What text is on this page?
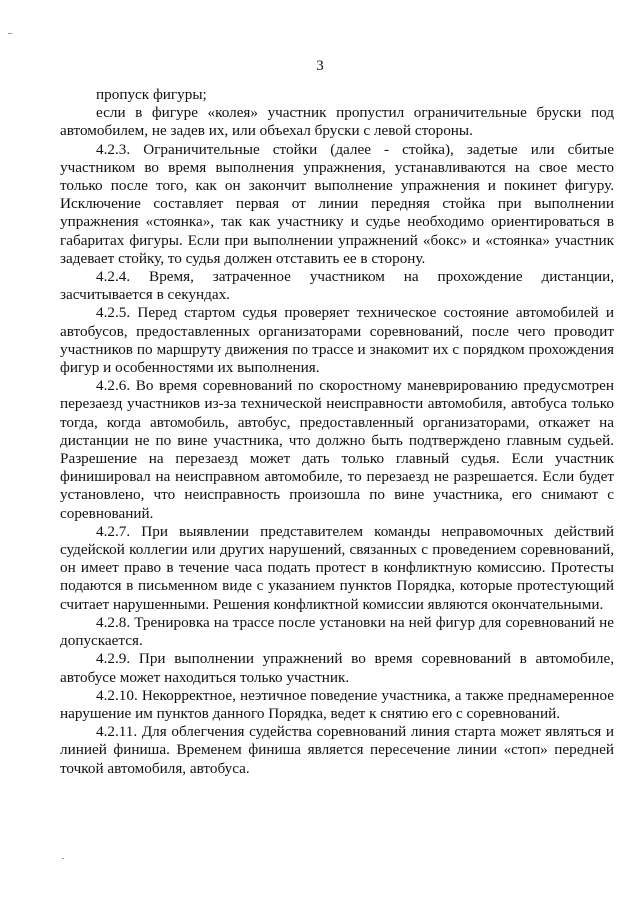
3

пропуск фигуры;

если в фигуре «колея» участник пропустил ограничительные бруски под автомобилем, не задев их, или объехал бруски с левой стороны.

4.2.3. Ограничительные стойки (далее - стойка), задетые или сбитые участником во время выполнения упражнения, устанавливаются на свое место только после того, как он закончит выполнение упражнения и покинет фигуру. Исключение составляет первая от линии передняя стойка при выполнении упражнения «стоянка», так как участнику и судье необходимо ориентироваться в габаритах фигуры. Если при выполнении упражнений «бокс» и «стоянка» участник задевает стойку, то судья должен отставить ее в сторону.

4.2.4. Время, затраченное участником на прохождение дистанции, засчитывается в секундах.

4.2.5. Перед стартом судья проверяет техническое состояние автомобилей и автобусов, предоставленных организаторами соревнований, после чего проводит участников по маршруту движения по трассе и знакомит их с порядком прохождения фигур и особенностями их выполнения.

4.2.6. Во время соревнований по скоростному маневрированию предусмотрен перезаезд участников из-за технической неисправности автомобиля, автобуса только тогда, когда автомобиль, автобус, предоставленный организаторами, откажет на дистанции не по вине участника, что должно быть подтверждено главным судьей. Разрешение на перезаезд может дать только главный судья. Если участник финишировал на неисправном автомобиле, то перезаезд не разрешается. Если будет установлено, что неисправность произошла по вине участника, его снимают с соревнований.

4.2.7. При выявлении представителем команды неправомочных действий судейской коллегии или других нарушений, связанных с проведением соревнований, он имеет право в течение часа подать протест в конфликтную комиссию. Протесты подаются в письменном виде с указанием пунктов Порядка, которые протестующий считает нарушенными. Решения конфликтной комиссии являются окончательными.

4.2.8. Тренировка на трассе после установки на ней фигур для соревнований не допускается.

4.2.9. При выполнении упражнений во время соревнований в автомобиле, автобусе может находиться только участник.

4.2.10. Некорректное, неэтичное поведение участника, а также преднамеренное нарушение им пунктов данного Порядка, ведет к снятию его с соревнований.

4.2.11. Для облегчения судейства соревнований линия старта может являться и линией финиша. Временем финиша является пересечение линии «стоп» передней точкой автомобиля, автобуса.
